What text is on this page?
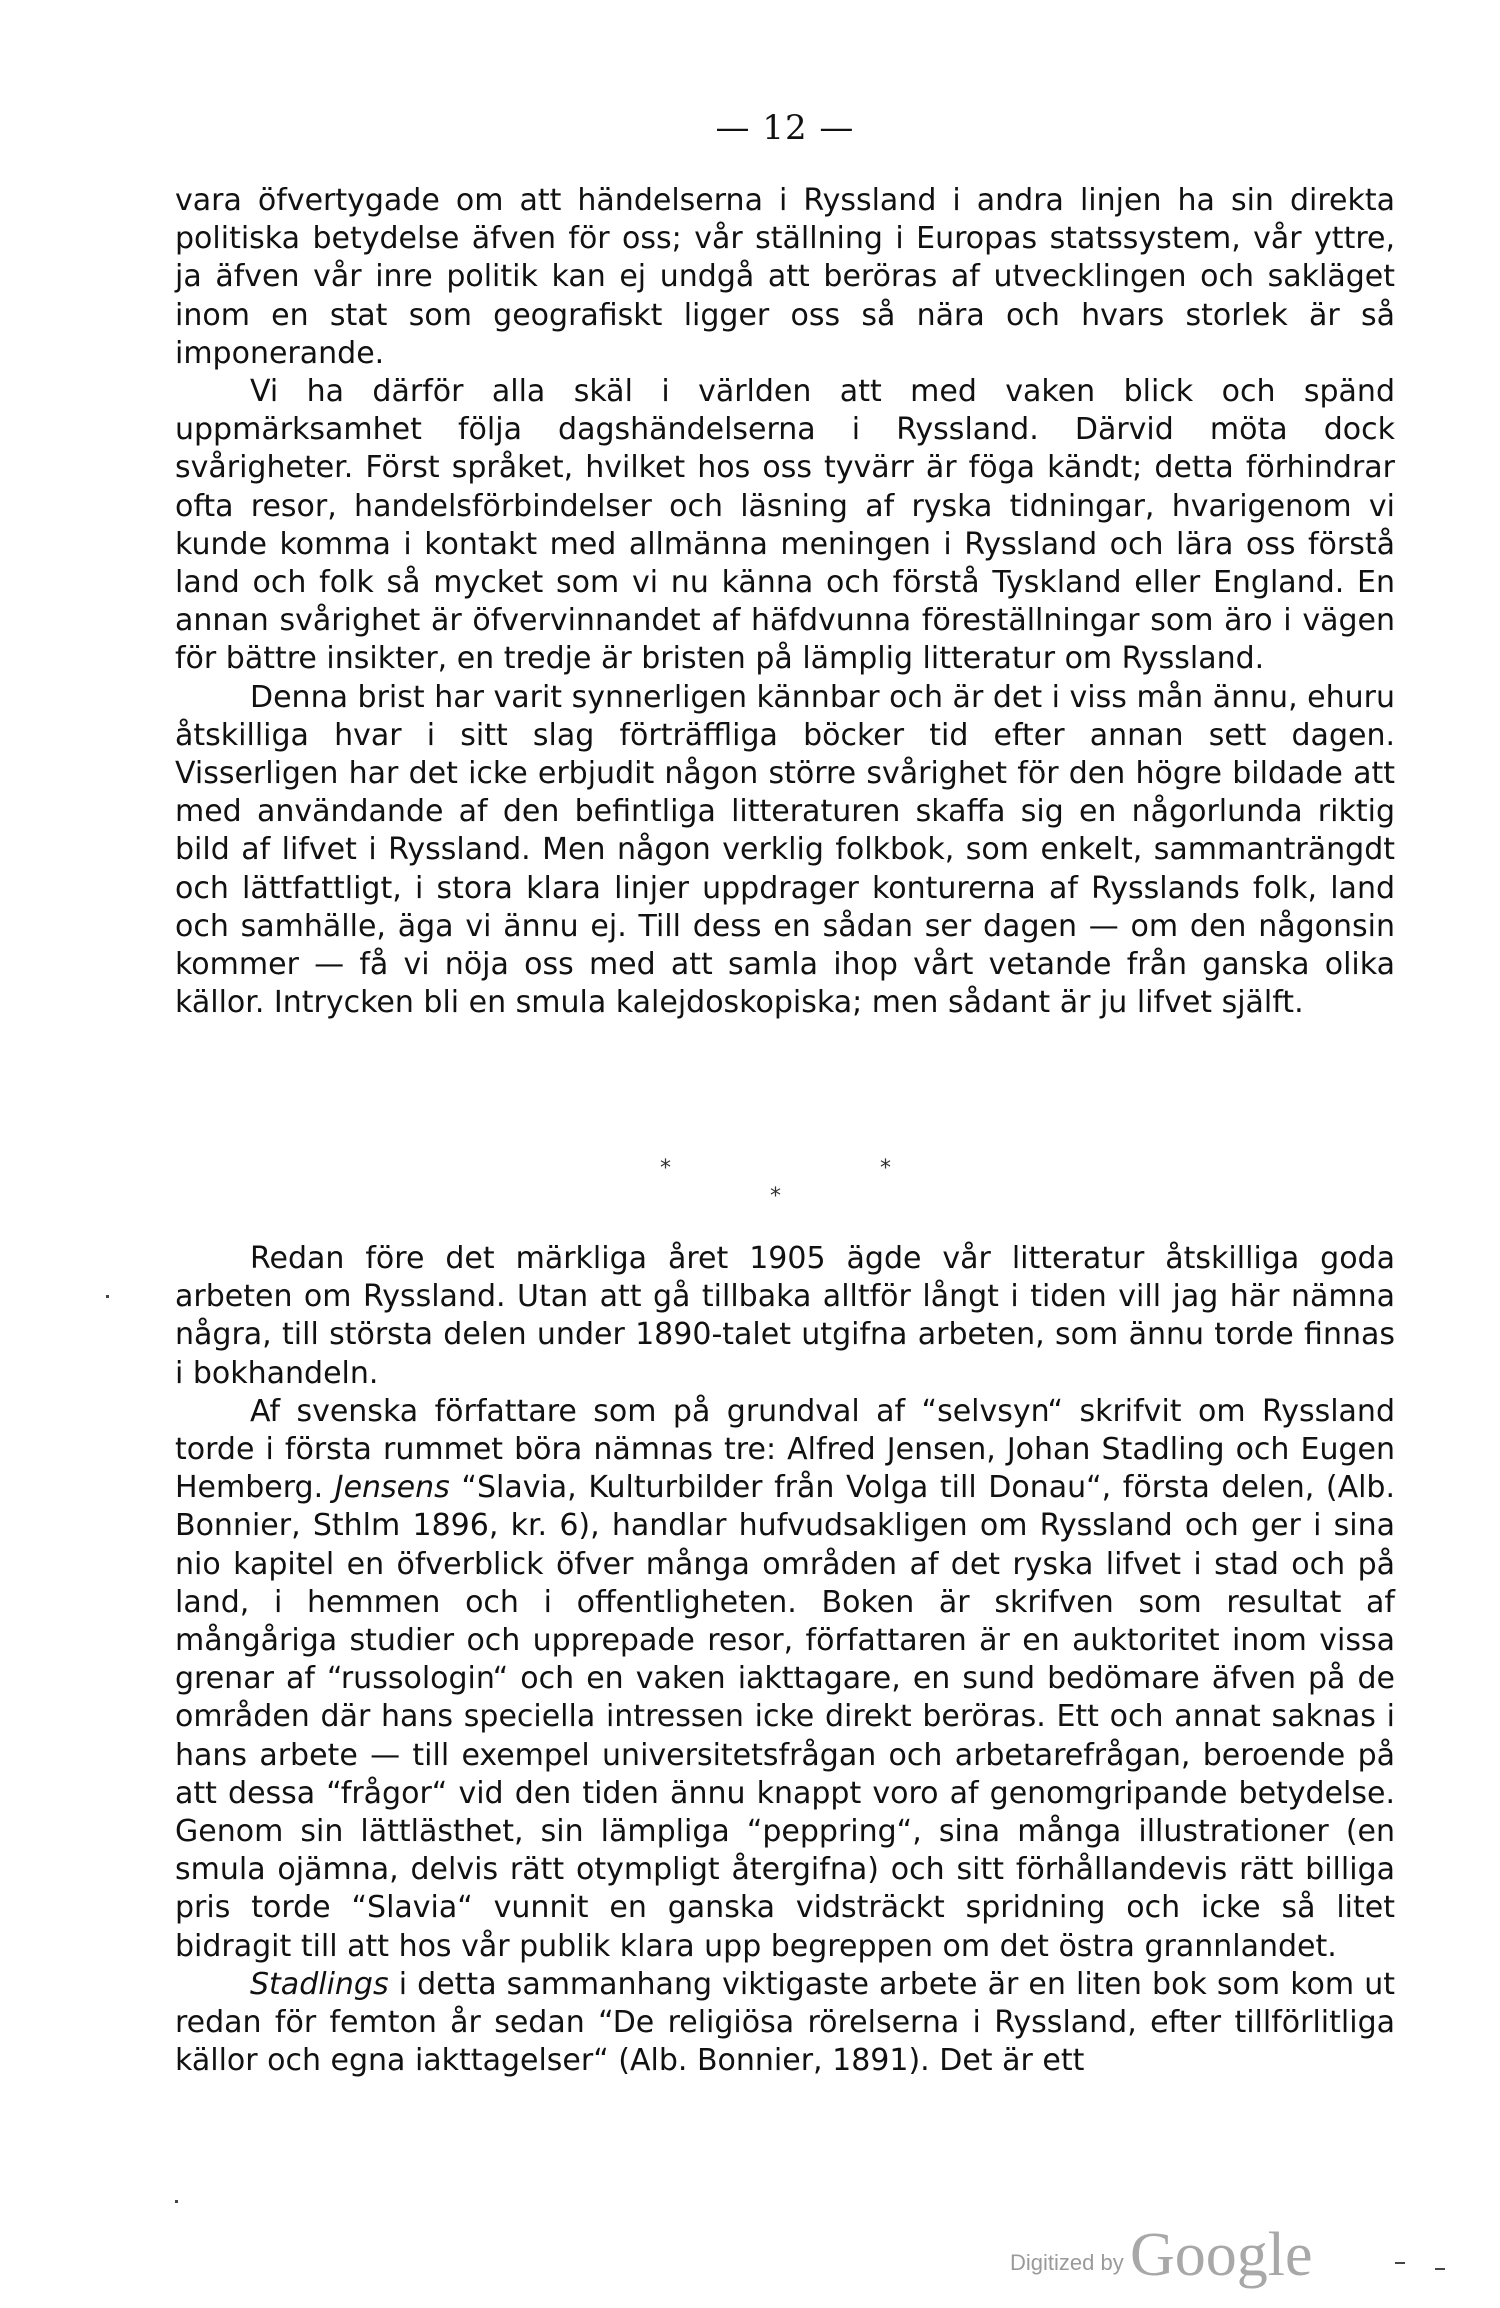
— 12 —

vara öfvertygade om att händelserna i Ryssland i andra linjen ha sin direkta politiska betydelse äfven för oss; vår ställning i Europas statssystem, vår yttre, ja äfven vår inre politik kan ej undgå att beröras af utvecklingen och sakläget inom en stat som geografiskt ligger oss så nära och hvars storlek är så imponerande.

Vi ha därför alla skäl i världen att med vaken blick och spänd uppmärksamhet följa dagshändelserna i Ryssland. Därvid möta dock svårigheter. Först språket, hvilket hos oss tyvärr är föga kändt; detta förhindrar ofta resor, handelsförbindelser och läsning af ryska tidningar, hvarigenom vi kunde komma i kontakt med allmänna meningen i Ryssland och lära oss förstå land och folk så mycket som vi nu känna och förstå Tyskland eller England. En annan svårighet är öfvervinnandet af häfdvunna föreställningar som äro i vägen för bättre insikter, en tredje är bristen på lämplig litteratur om Ryssland.

Denna brist har varit synnerligen kännbar och är det i viss mån ännu, ehuru åtskilliga hvar i sitt slag förträffliga böcker tid efter annan sett dagen. Visserligen har det icke erbjudit någon större svårighet för den högre bildade att med användande af den befintliga litteraturen skaffa sig en någorlunda riktig bild af lifvet i Ryssland. Men någon verklig folkbok, som enkelt, sammanträngdt och lättfattligt, i stora klara linjer uppdrager konturerna af Rysslands folk, land och samhälle, äga vi ännu ej. Till dess en sådan ser dagen — om den någonsin kommer — få vi nöja oss med att samla ihop vårt vetande från ganska olika källor. Intrycken bli en smula kalejdoskopiska; men sådant är ju lifvet själft.

*	*
*

Redan före det märkliga året 1905 ägde vår litteratur åtskilliga goda arbeten om Ryssland. Utan att gå tillbaka alltför långt i tiden vill jag här nämna några, till största delen under 1890-talet utgifna arbeten, som ännu torde finnas i bokhandeln.

Af svenska författare som på grundval af “selvsyn“ skrifvit om Ryssland torde i första rummet böra nämnas tre: Alfred Jensen, Johan Stadling och Eugen Hemberg. Jensens “Slavia, Kulturbilder från Volga till Donau“, första delen, (Alb. Bonnier, Sthlm 1896, kr. 6), handlar hufvudsakligen om Ryssland och ger i sina nio kapitel en öfverblick öfver många områden af det ryska lifvet i stad och på land, i hemmen och i offentligheten. Boken är skrifven som resultat af mångåriga studier och upprepade resor, författaren är en auktoritet inom vissa grenar af “russologin“ och en vaken iakttagare, en sund bedömare äfven på de områden där hans speciella intressen icke direkt beröras. Ett och annat saknas i hans arbete — till exempel universitetsfrågan och arbetarefrågan, beroende på att dessa “frågor“ vid den tiden ännu knappt voro af genomgripande betydelse. Genom sin lättlästhet, sin lämpliga “peppring“, sina många illustrationer (en smula ojämna, delvis rätt otympligt återgifna) och sitt förhållandevis rätt billiga pris torde “Slavia“ vunnit en ganska vidsträckt spridning och icke så litet bidragit till att hos vår publik klara upp begreppen om det östra grannlandet.

Stadlings i detta sammanhang viktigaste arbete är en liten bok som kom ut redan för femton år sedan “De religiösa rörelserna i Ryssland, efter tillförlitliga källor och egna iakttagelser“ (Alb. Bonnier, 1891). Det är ett

Digitized by Google
